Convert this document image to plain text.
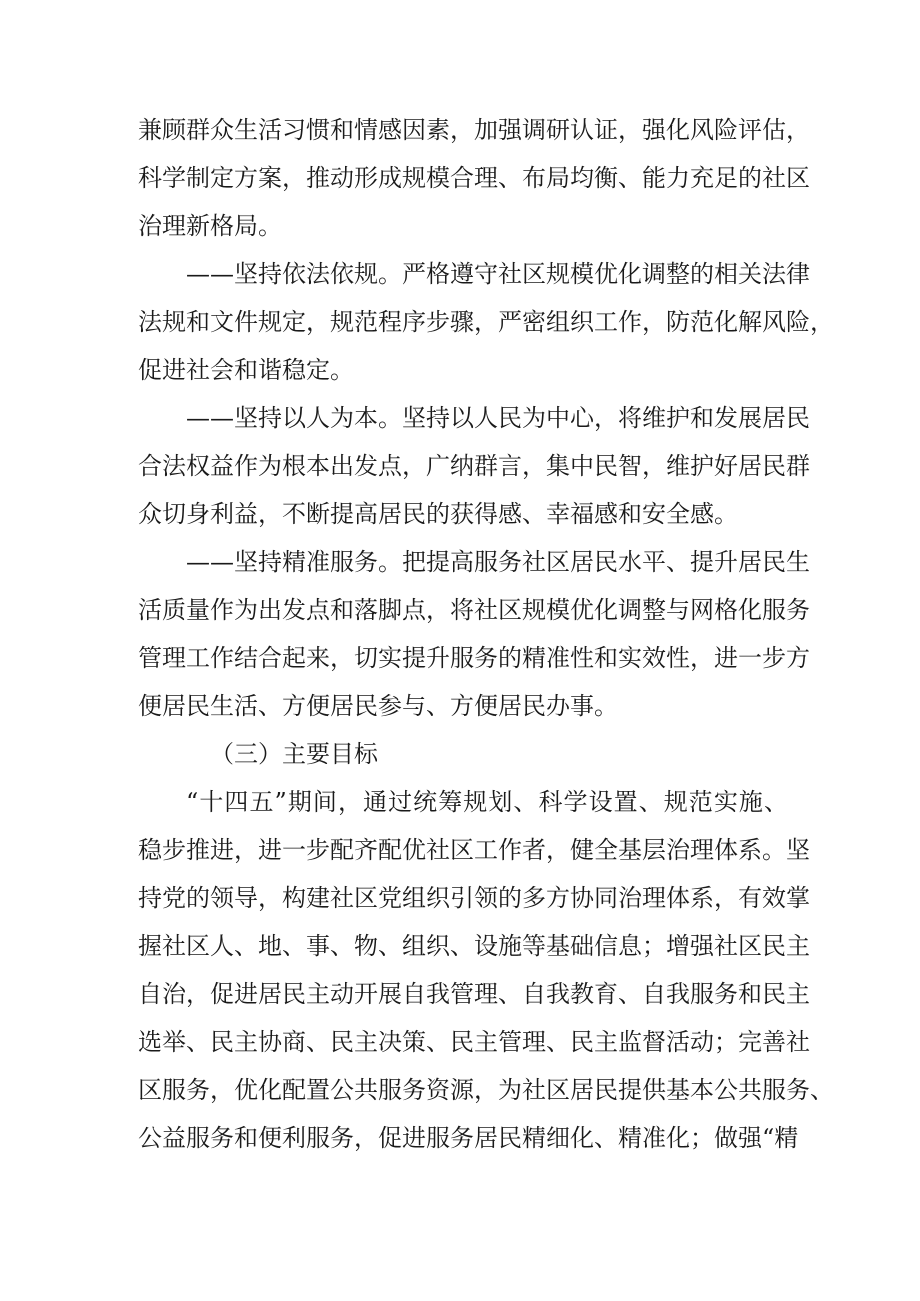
兼顾群众生活习惯和情感因素，加强调研认证，强化风险评估，
科学制定方案，推动形成规模合理、布局均衡、能力充足的社区
治理新格局。
——坚持依法依规。严格遵守社区规模优化调整的相关法律
法规和文件规定，规范程序步骤，严密组织工作，防范化解风险，
促进社会和谐稳定。
——坚持以人为本。坚持以人民为中心，将维护和发展居民
合法权益作为根本出发点，广纳群言，集中民智，维护好居民群
众切身利益，不断提高居民的获得感、幸福感和安全感。
——坚持精准服务。把提高服务社区居民水平、提升居民生
活质量作为出发点和落脚点，将社区规模优化调整与网格化服务
管理工作结合起来，切实提升服务的精准性和实效性，进一步方
便居民生活、方便居民参与、方便居民办事。
（三）主要目标
“十四五”期间，通过统筹规划、科学设置、规范实施、
稳步推进，进一步配齐配优社区工作者，健全基层治理体系。坚
持党的领导，构建社区党组织引领的多方协同治理体系，有效掌
握社区人、地、事、物、组织、设施等基础信息；增强社区民主
自治，促进居民主动开展自我管理、自我教育、自我服务和民主
选举、民主协商、民主决策、民主管理、民主监督活动；完善社
区服务，优化配置公共服务资源，为社区居民提供基本公共服务、
公益服务和便利服务，促进服务居民精细化、精准化；做强“精
